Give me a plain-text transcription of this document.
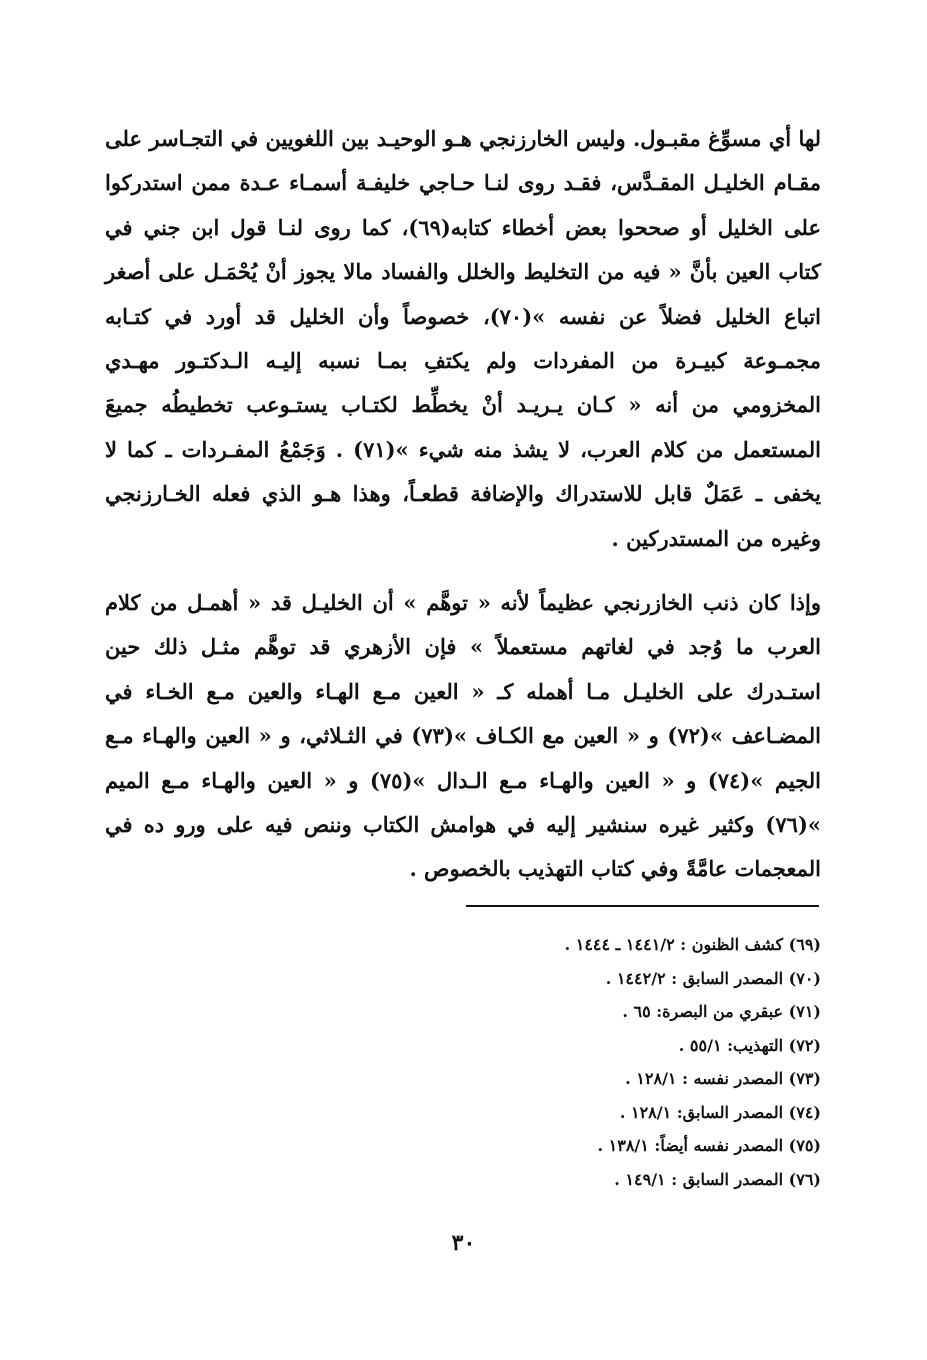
لها أي مسوِّغ مقبـول. وليس الخارزنجي هـو الوحيـد بين اللغويين في التجـاسر على مقـام الخليـل المقـدَّس، فقـد روى لنـا حـاجي خليفـة أسمـاء عـدة ممن استدركوا على الخليل أو صححوا بعض أخطاء كتابه(٦٩)، كما روى لنـا قول ابن جني في كتاب العين بأنَّ « فيه من التخليط والخلل والفساد مالا يجوز أنْ يُحْمَـل على أصغر اتباع الخليل فضلاً عن نفسه »(٧٠)، خصوصاً وأن الخليل قد أورد في كتـابه مجمـوعة كبيـرة من المفردات ولم يكتفِ بمـا نسبه إليـه الـدكتـور مهـدي المخزومي من أنه « كـان يـريـد أنْ يخطِّط لكتـاب يستـوعب تخطيطُه جميعَ المستعمل من كلام العرب، لا يشذ منه شيء »(٧١) . وَجَمْعُ المفـردات ـ كما لا يخفى ـ عَمَلٌ قابل للاستدراك والإضافة قطعـاً، وهذا هـو الذي فعله الخـارزنجي وغيره من المستدركين .

وإذا كان ذنب الخازرنجي عظيماً لأنه « توهَّم » أن الخليـل قد « أهمـل من كلام العرب ما وُجد في لغاتهم مستعملاً » فإن الأزهري قد توهَّم مثـل ذلك حين استـدرك على الخليـل مـا أهمله كـ « العين مـع الهـاء والعين مـع الخـاء في المضـاعف »(٧٢) و « العين مع الكـاف »(٧٣) في الثـلاثي، و « العين والهـاء مـع الجيم »(٧٤) و « العين والهـاء مـع الـدال »(٧٥) و « العين والهـاء مـع الميم »(٧٦) وكثير غيره سنشير إليه في هوامش الكتاب وننص فيه على ورو ده في المعجمات عامَّةً وفي كتاب التهذيب بالخصوص .

(٦٩) كشف الظنون : ١٤٤١/٢ ـ ١٤٤٤ .
(٧٠) المصدر السابق : ١٤٤٢/٢ .
(٧١) عبقري من البصرة: ٦٥ .
(٧٢) التهذيب: ٥٥/١ .
(٧٣) المصدر نفسه : ١٢٨/١ .
(٧٤) المصدر السابق: ١٢٨/١ .
(٧٥) المصدر نفسه أيضاً: ١٣٨/١ .
(٧٦) المصدر السابق : ١٤٩/١ .
٣٠
